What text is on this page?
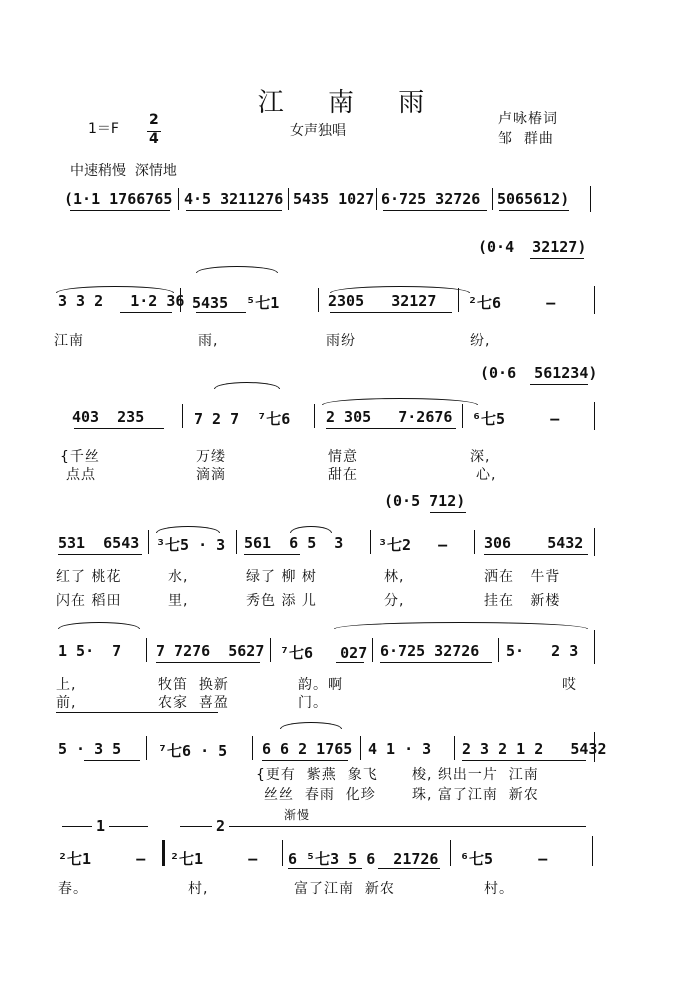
江 南 雨
1＝F
2
4	女声独唱
卢咏椿词
邹  群曲
中速稍慢  深情地
(1·1 1766765 4·5 3211276 5435 1027 6·725 32726 5065612)
(0·4  32127)
3 3 2   1·2 36 5435  ⁵七1	2305   32127 ²七6     —
江南	雨,	雨纷	纷,
(0·6  561234)
403  235	7 2 7  ⁷七6 2 305   7·2676 ⁶七5     —
{千丝	万缕	情意	深,
点点	滴滴	甜在	心,
(0·5 712)
531  6543 ³七5 · 3 561  6 5  3 ³七2   — 306    5432
红了 桃花	水,	绿了 柳 树	林,	洒在   牛背
闪在 稻田	里,	秀色 添 儿	分,	挂在   新楼
1 5·  7 7 7276  5627 ⁷七6   027 6·725 32726 5·   2 3
上,	牧笛  换新	韵。啊	哎
前,	农家  喜盈	门。
5 · 3 5 ⁷七6 · 5 6 6 2 1765 4 1 · 3 2 3 2 1 2   5432
{更有  紫燕  象飞 梭, 织出一片  江南
丝丝  春雨  化珍	珠, 富了江南  新农
渐慢
1	2
²七1     — ²七1     — 6 ⁵七3 5 6  21726 ⁶七5     —
春。	村,	富了江南  新农	村。
